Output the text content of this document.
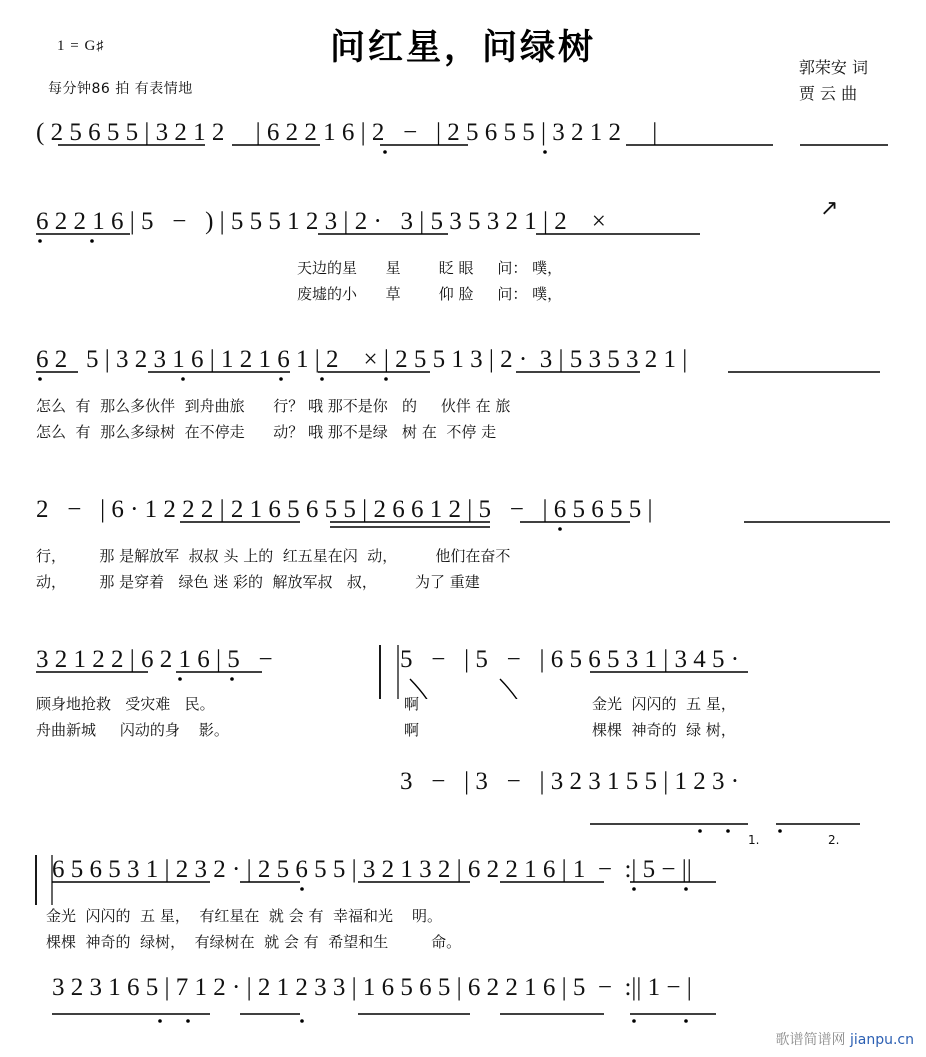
1 = G♯
每分钟86 拍 有表情地
问红星，问绿树	郭荣安 词
贾 云 曲

( 2 5 6 5 5 | 3 2 1 2     | 6 2 2 1 6 | 2   −   | 2 5 6 5 5 | 3 2 1 2     |

6 2 2 1 6 | 5   −   ) | 5 5 5 1 2 3 | 2 ·   3 | 5 3 5 3 2 1 | 2    ×

↗

天边的星      星        眨 眼     问： 噗，

废墟的小      草        仰 脸     问： 噗，

6 2   5 | 3 2 3 1 6 | 1 2 1 6 1 | 2    × | 2 5 5 1 3 | 2 ·  3 | 5 3 5 3 2 1 |

怎么  有  那么多伙伴  到舟曲旅      行？ 哦 那不是你   的     伙伴 在 旅

怎么  有  那么多绿树  在不停走      动？ 哦 那不是绿   树 在  不停 走

2   −   | 6 · 1 2 2 2 | 2 1 6 5 6 5 5 | 2 6 6 1 2 | 5   −   | 6 5 6 5 5 |

行，       那 是解放军  叔叔 头 上的  红五星在闪  动，        他们在奋不

动，       那 是穿着   绿色 迷 彩的  解放军叔   叔，        为了 重建

3 2 1 2 2 | 6 2 1 6 | 5   −

	5   −   | 5   −   | 6 5 6 5 3 1 | 3 4 5 ·

顾身地抢救   受灾难   民。

	啊

	金光  闪闪的  五 星，

舟曲新城     闪动的身    影。

	啊

	棵棵  神奇的  绿 树，

3   −   | 3   −   | 3 2 3 1 5 5 | 1 2 3 ·

6 5 6 5 3 1 | 2 3 2 · | 2 5 6 5 5 | 3 2 1 3 2 | 6 2 2 1 6 | 1  −  :| 5 − ||

1.

	2.

金光  闪闪的  五 星，  有红星在  就 会 有  幸福和光    明。

棵棵  神奇的  绿树，  有绿树在  就 会 有  希望和生         命。

3 2 3 1 6 5 | 7 1 2 · | 2 1 2 3 3 | 1 6 5 6 5 | 6 2 2 1 6 | 5  −  :|| 1 − |

歌谱简谱网 jianpu.cn
